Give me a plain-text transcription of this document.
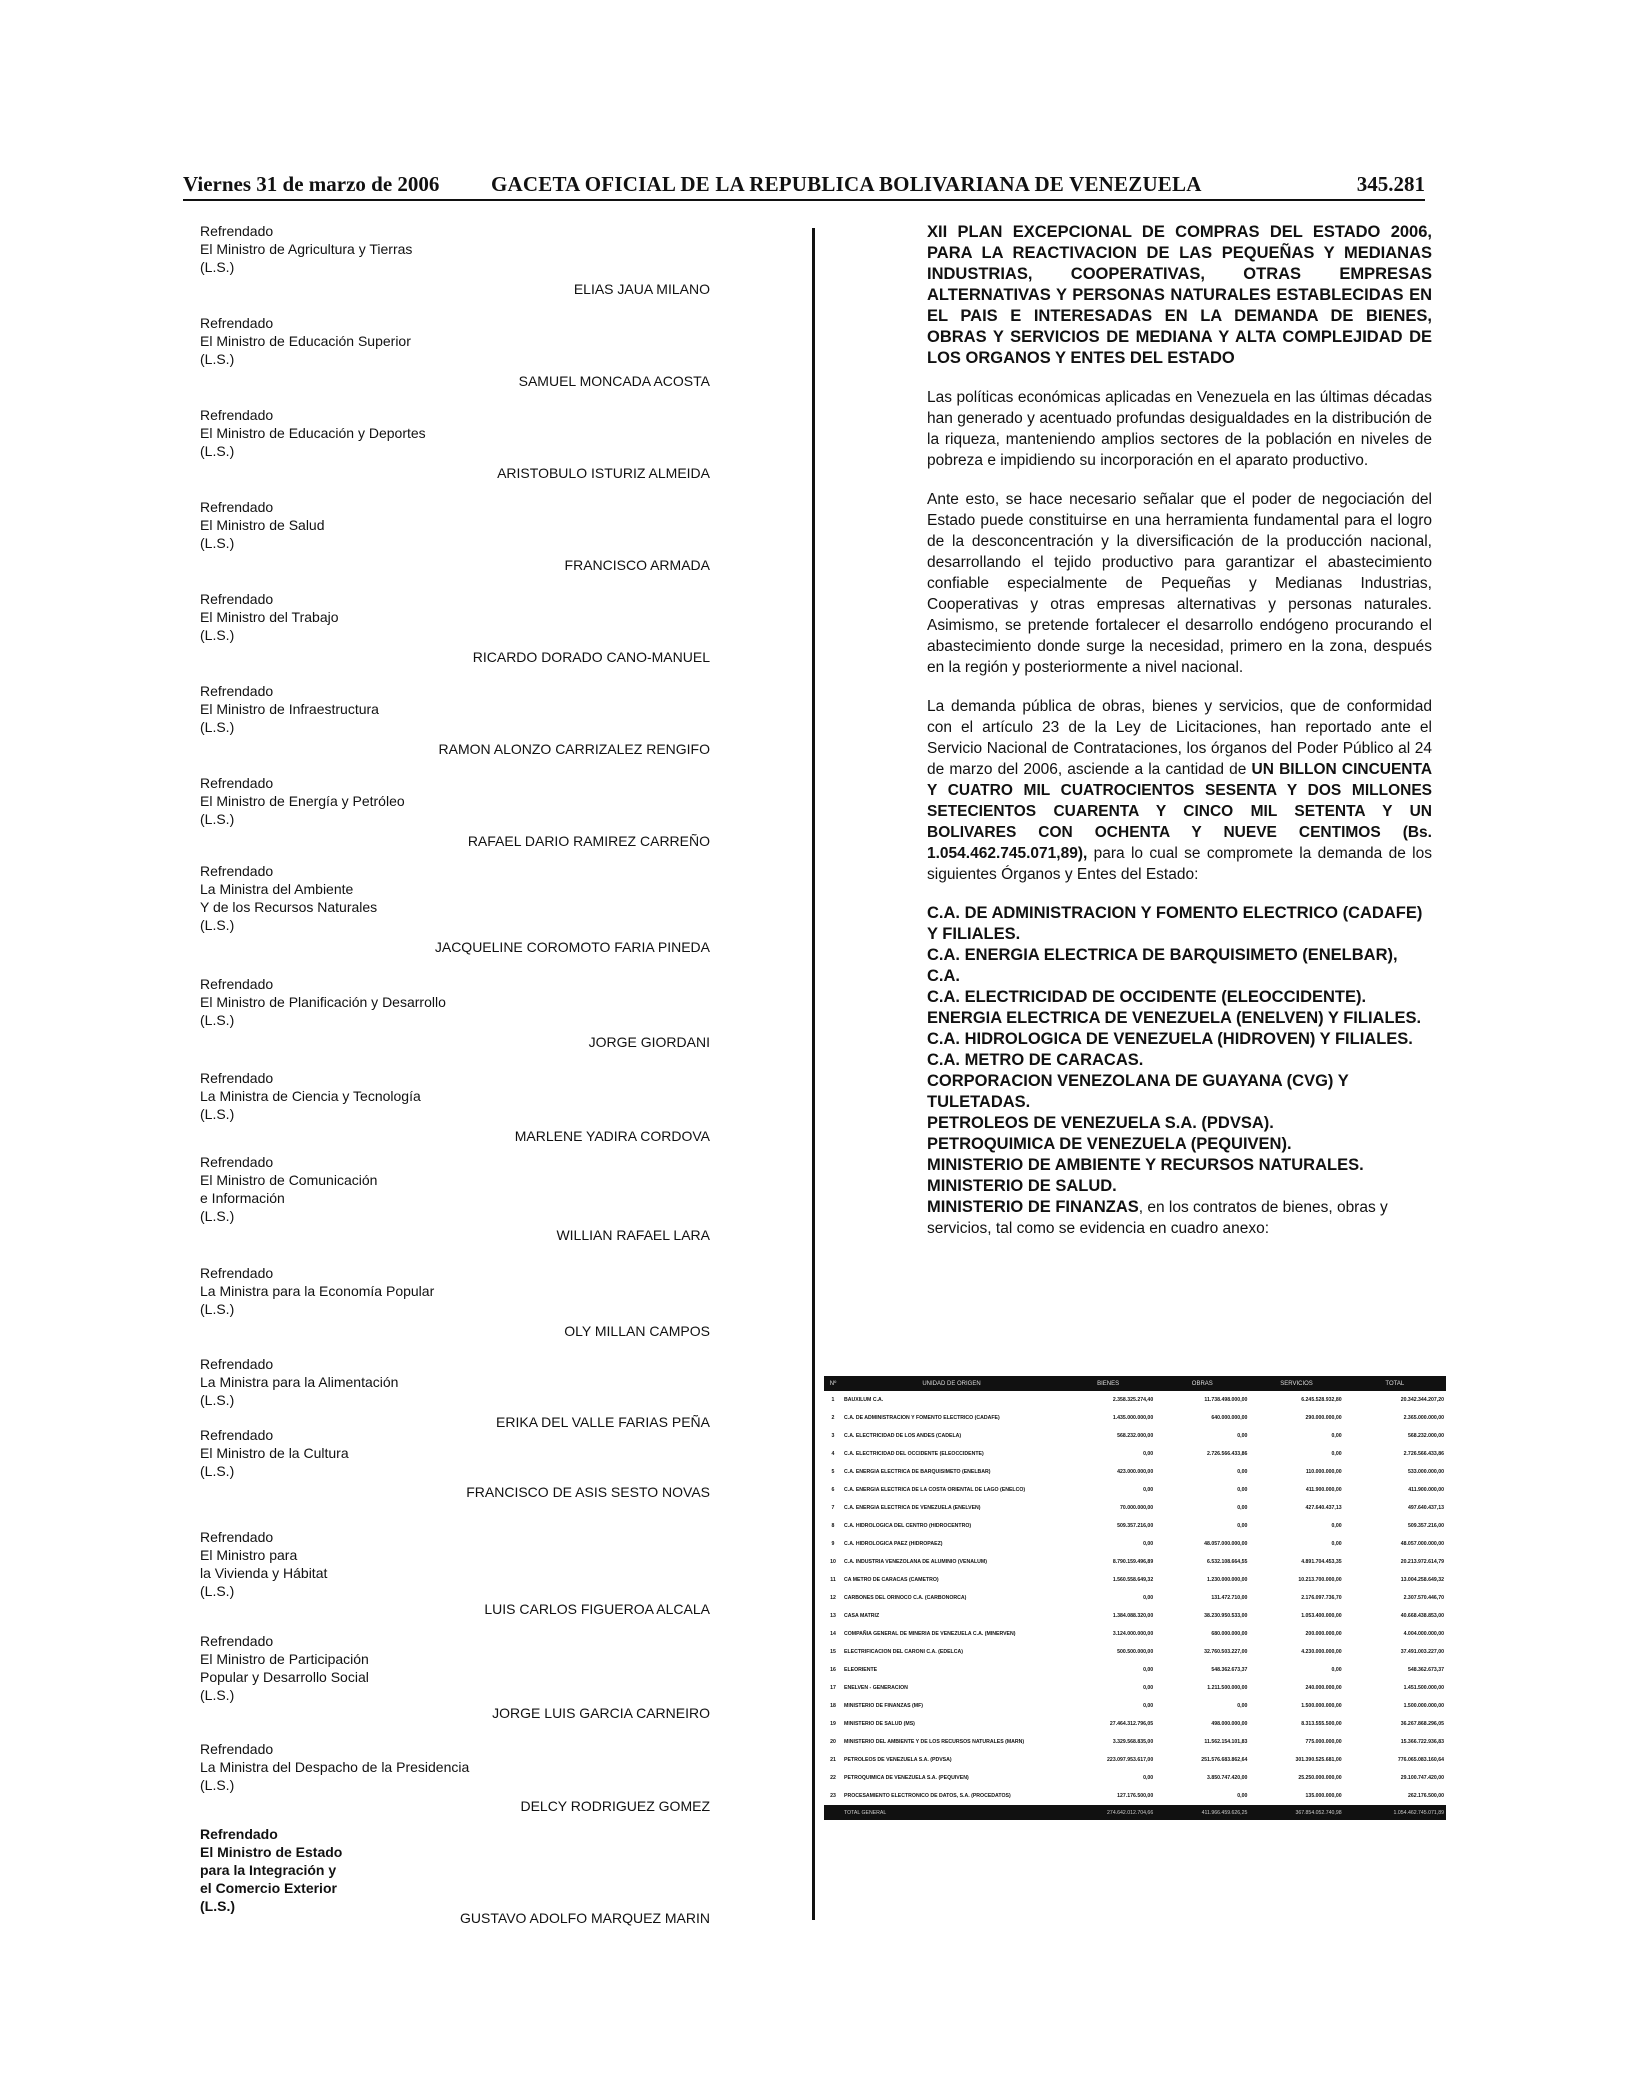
Viernes 31 de marzo de 2006 GACETA OFICIAL DE LA REPUBLICA BOLIVARIANA DE VENEZUELA	345.281
Refrendado
El Ministro de Agricultura y Tierras
(L.S.)
ELIAS JAUA MILANO
Refrendado
El Ministro de Educación Superior
(L.S.)
SAMUEL MONCADA ACOSTA
Refrendado
El Ministro de Educación y Deportes
(L.S.)
ARISTOBULO ISTURIZ ALMEIDA
Refrendado
El Ministro de Salud
(L.S.)
FRANCISCO ARMADA
Refrendado
El Ministro del Trabajo
(L.S.)
RICARDO DORADO CANO-MANUEL
Refrendado
El Ministro de Infraestructura
(L.S.)
RAMON ALONZO CARRIZALEZ RENGIFO
Refrendado
El Ministro de Energía y Petróleo
(L.S.)
RAFAEL DARIO RAMIREZ CARREÑO
Refrendado
La Ministra del Ambiente
Y de los Recursos Naturales
(L.S.)
JACQUELINE COROMOTO FARIA PINEDA
Refrendado
El Ministro de Planificación y Desarrollo
(L.S.)
JORGE GIORDANI
Refrendado
La Ministra de Ciencia y Tecnología
(L.S.)
MARLENE YADIRA CORDOVA
Refrendado
El Ministro de Comunicación
e Información
(L.S.)
WILLIAN RAFAEL LARA
Refrendado
La Ministra para la Economía Popular
(L.S.)
OLY MILLAN CAMPOS
Refrendado
La Ministra para la Alimentación
(L.S.)
ERIKA DEL VALLE FARIAS PEÑA
Refrendado
El Ministro de la Cultura
(L.S.)
FRANCISCO DE ASIS SESTO NOVAS
Refrendado
El Ministro para
la Vivienda y Hábitat
(L.S.)
LUIS CARLOS FIGUEROA ALCALA
Refrendado
El Ministro de Participación
Popular y Desarrollo Social
(L.S.)
JORGE LUIS GARCIA CARNEIRO
Refrendado
La Ministra del Despacho de la Presidencia
(L.S.)
DELCY RODRIGUEZ GOMEZ
Refrendado
El Ministro de Estado
para la Integración y
el Comercio Exterior
(L.S.)
GUSTAVO ADOLFO MARQUEZ MARIN
XII PLAN EXCEPCIONAL DE COMPRAS DEL ESTADO 2006, PARA LA REACTIVACION DE LAS PEQUEÑAS Y MEDIANAS INDUSTRIAS, COOPERATIVAS, OTRAS EMPRESAS ALTERNATIVAS Y PERSONAS NATURALES ESTABLECIDAS EN EL PAIS E INTERESADAS EN LA DEMANDA DE BIENES, OBRAS Y SERVICIOS DE MEDIANA Y ALTA COMPLEJIDAD DE LOS ORGANOS Y ENTES DEL ESTADO
Las políticas económicas aplicadas en Venezuela en las últimas décadas han generado y acentuado profundas desigualdades en la distribución de la riqueza, manteniendo amplios sectores de la población en niveles de pobreza e impidiendo su incorporación en el aparato productivo.
Ante esto, se hace necesario señalar que el poder de negociación del Estado puede constituirse en una herramienta fundamental para el logro de la desconcentración y la diversificación de la producción nacional, desarrollando el tejido productivo para garantizar el abastecimiento confiable especialmente de Pequeñas y Medianas Industrias, Cooperativas y otras empresas alternativas y personas naturales. Asimismo, se pretende fortalecer el desarrollo endógeno procurando el abastecimiento donde surge la necesidad, primero en la zona, después en la región y posteriormente a nivel nacional.
La demanda pública de obras, bienes y servicios, que de conformidad con el artículo 23 de la Ley de Licitaciones, han reportado ante el Servicio Nacional de Contrataciones, los órganos del Poder Público al 24 de marzo del 2006, asciende a la cantidad de UN BILLON CINCUENTA Y CUATRO MIL CUATROCIENTOS SESENTA Y DOS MILLONES SETECIENTOS CUARENTA Y CINCO MIL SETENTA Y UN BOLIVARES CON OCHENTA Y NUEVE CENTIMOS (Bs. 1.054.462.745.071,89), para lo cual se compromete la demanda de los siguientes Órganos y Entes del Estado:
C.A. DE ADMINISTRACION Y FOMENTO ELECTRICO (CADAFE) Y FILIALES.
C.A. ENERGIA ELECTRICA DE BARQUISIMETO (ENELBAR), C.A.
C.A. ELECTRICIDAD DE OCCIDENTE (ELEOCCIDENTE).
ENERGIA ELECTRICA DE VENEZUELA (ENELVEN) Y FILIALES.
C.A. HIDROLOGICA DE VENEZUELA (HIDROVEN) Y FILIALES.
C.A. METRO DE CARACAS.
CORPORACION VENEZOLANA DE GUAYANA (CVG) Y TULETADAS.
PETROLEOS DE VENEZUELA S.A. (PDVSA).
PETROQUIMICA DE VENEZUELA (PEQUIVEN).
MINISTERIO DE AMBIENTE Y RECURSOS NATURALES.
MINISTERIO DE SALUD.
MINISTERIO DE FINANZAS, en los contratos de bienes, obras y servicios, tal como se evidencia en cuadro anexo:
Nº	UNIDAD DE ORIGEN	BIENES	OBRAS	SERVICIOS	TOTAL
1	BAUXILUM C.A.	2.358.325.274,40	11.738.498.000,00	6.245.528.932,80	20.342.344.207,20
2	C.A. DE ADMINISTRACION Y FOMENTO ELECTRICO (CADAFE)	1.435.000.000,00	640.000.000,00	290.000.000,00	2.365.000.000,00
3	C.A. ELECTRICIDAD DE LOS ANDES (CADELA)	568.232.000,00	0,00	0,00	568.232.000,00
4	C.A. ELECTRICIDAD DEL OCCIDENTE (ELEOCCIDENTE)	0,00	2.726.566.433,86	0,00	2.726.566.433,86
5	C.A. ENERGIA ELECTRICA DE BARQUISIMETO (ENELBAR)	423.000.000,00	0,00	110.000.000,00	533.000.000,00
6	C.A. ENERGIA ELECTRICA DE LA COSTA ORIENTAL DE LAGO (ENELCO)	0,00	0,00	411.900.000,00	411.900.000,00
7	C.A. ENERGIA ELECTRICA DE VENEZUELA (ENELVEN)	70.000.000,00	0,00	427.640.437,13	497.640.437,13
8	C.A. HIDROLOGICA DEL CENTRO (HIDROCENTRO)	509.357.216,00	0,00	0,00	509.357.216,00
9	C.A. HIDROLOGICA PAEZ (HIDROPAEZ)	0,00	48.057.000.000,00	0,00	48.057.000.000,00
10	C.A. INDUSTRIA VENEZOLANA DE ALUMINIO (VENALUM)	8.790.159.496,89	6.532.108.664,55	4.891.704.453,35	20.213.972.614,79
11	CA METRO DE CARACAS (CAMETRO)	1.560.558.649,32	1.230.000.000,00	10.213.700.000,00	13.004.258.649,32
12	CARBONES DEL ORINOCO C.A. (CARBONORCA)	0,00	131.472.710,00	2.176.097.736,70	2.307.570.446,70
13	CASA MATRIZ	1.384.088.320,00	38.230.950.533,00	1.053.400.000,00	40.668.438.853,00
14	COMPAÑIA GENERAL DE MINERIA DE VENEZUELA C.A. (MINERVEN)	3.124.000.000,00	680.000.000,00	200.000.000,00	4.004.000.000,00
15	ELECTRIFICACION DEL CARONI C.A. (EDELCA)	500.500.000,00	32.760.503.227,00	4.230.000.000,00	37.491.003.227,00
16	ELEORIENTE	0,00	548.362.673,37	0,00	548.362.673,37
17	ENELVEN - GENERACION	0,00	1.211.500.000,00	240.000.000,00	1.451.500.000,00
18	MINISTERIO DE FINANZAS (MF)	0,00	0,00	1.500.000.000,00	1.500.000.000,00
19	MINISTERIO DE SALUD (MS)	27.464.312.796,05	498.000.000,00	8.313.555.500,00	36.267.868.296,05
20	MINISTERIO DEL AMBIENTE Y DE LOS RECURSOS NATURALES (MARN)	3.329.568.835,00	11.562.154.101,83	775.000.000,00	15.366.722.936,83
21	PETROLEOS DE VENEZUELA S.A. (PDVSA)	223.097.953.617,00	251.576.683.862,64	301.390.525.681,00	776.065.083.160,64
22	PETROQUIMICA DE VENEZUELA S.A. (PEQUIVEN)	0,00	3.850.747.420,00	25.250.000.000,00	29.100.747.420,00
23	PROCESAMIENTO ELECTRONICO DE DATOS, S.A. (PROCEDATOS)	127.176.500,00	0,00	135.000.000,00	262.176.500,00
	TOTAL GENERAL	274.642.012.704,66	411.966.459.626,25	367.854.052.740,98	1.054.462.745.071,89
